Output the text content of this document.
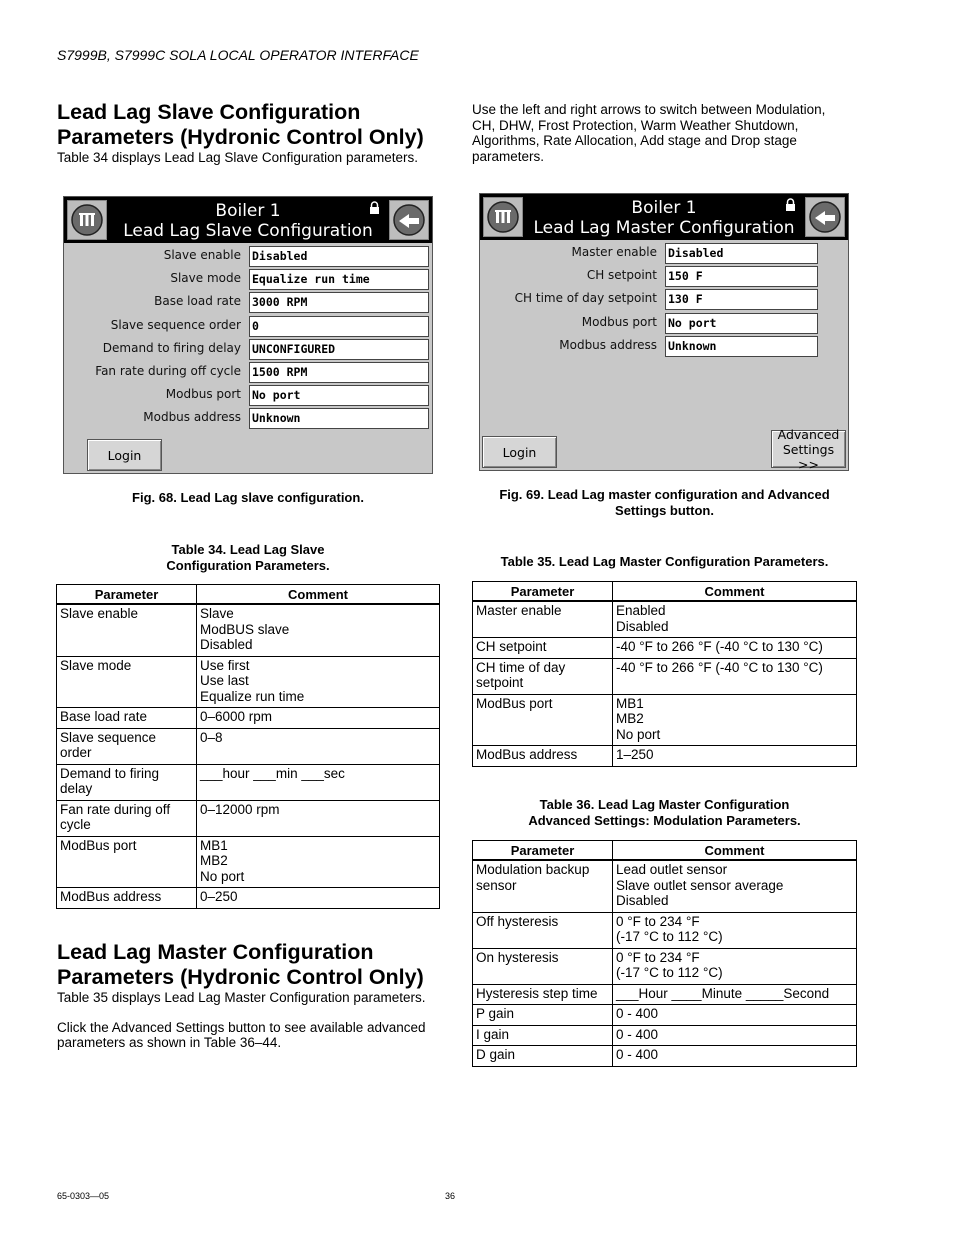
S7999B, S7999C SOLA LOCAL OPERATOR INTERFACE
Lead Lag Slave Configuration
Parameters (Hydronic Control Only)
Table 34 displays Lead Lag Slave Configuration parameters.
Use the left and right arrows to switch between Modulation, CH, DHW, Frost Protection, Warm Weather Shutdown, Algorithms, Rate Allocation, Add stage and Drop stage parameters.
Boiler 1
Lead Lag Slave Configuration
Slave enable Disabled
Slave mode Equalize run time
Base load rate 3000 RPM
Slave sequence order 0
Demand to firing delay UNCONFIGURED
Fan rate during off cycle 1500 RPM
Modbus port No port
Modbus address Unknown
Login
Boiler 1
Lead Lag Master Configuration
Master enable Disabled
CH setpoint 150 F
CH time of day setpoint 130 F
Modbus port No port
Modbus address Unknown
Login
Advanced
Settings >>
Fig. 68. Lead Lag slave configuration.	Fig. 69. Lead Lag master configuration and Advanced
Settings button.
Table 34. Lead Lag Slave
Configuration Parameters.	Table 35. Lead Lag Master Configuration Parameters.
Table 36. Lead Lag Master Configuration
Advanced Settings: Modulation Parameters.
Parameter	Comment
Slave enable	Slave
ModBUS slave
Disabled
Slave mode	Use first
Use last
Equalize run time
Base load rate	0–6000 rpm
Slave sequence
order	0–8
Demand to firing
delay	___hour ___min ___sec
Fan rate during off
cycle	0–12000 rpm
ModBus port	MB1
MB2
No port
ModBus address	0–250
Parameter	Comment
Master enable	Enabled
Disabled
CH setpoint	-40 °F to 266 °F (-40 °C to 130 °C)
CH time of day
setpoint	-40 °F to 266 °F (-40 °C to 130 °C)
ModBus port	MB1
MB2
No port
ModBus address	1–250
Parameter	Comment
Modulation backup
sensor	Lead outlet sensor
Slave outlet sensor average
Disabled
Off hysteresis	0 °F to 234 °F
(-17 °C to 112 °C)
On hysteresis	0 °F to 234 °F
(-17 °C to 112 °C)
Hysteresis step time	___Hour ____Minute _____Second
P gain	0 - 400
I gain	0 - 400
D gain	0 - 400
Lead Lag Master Configuration
Parameters (Hydronic Control Only)
Table 35 displays Lead Lag Master Configuration parameters.
Click the Advanced Settings button to see available advanced parameters as shown in Table 36–44.
65-0303—05	36
